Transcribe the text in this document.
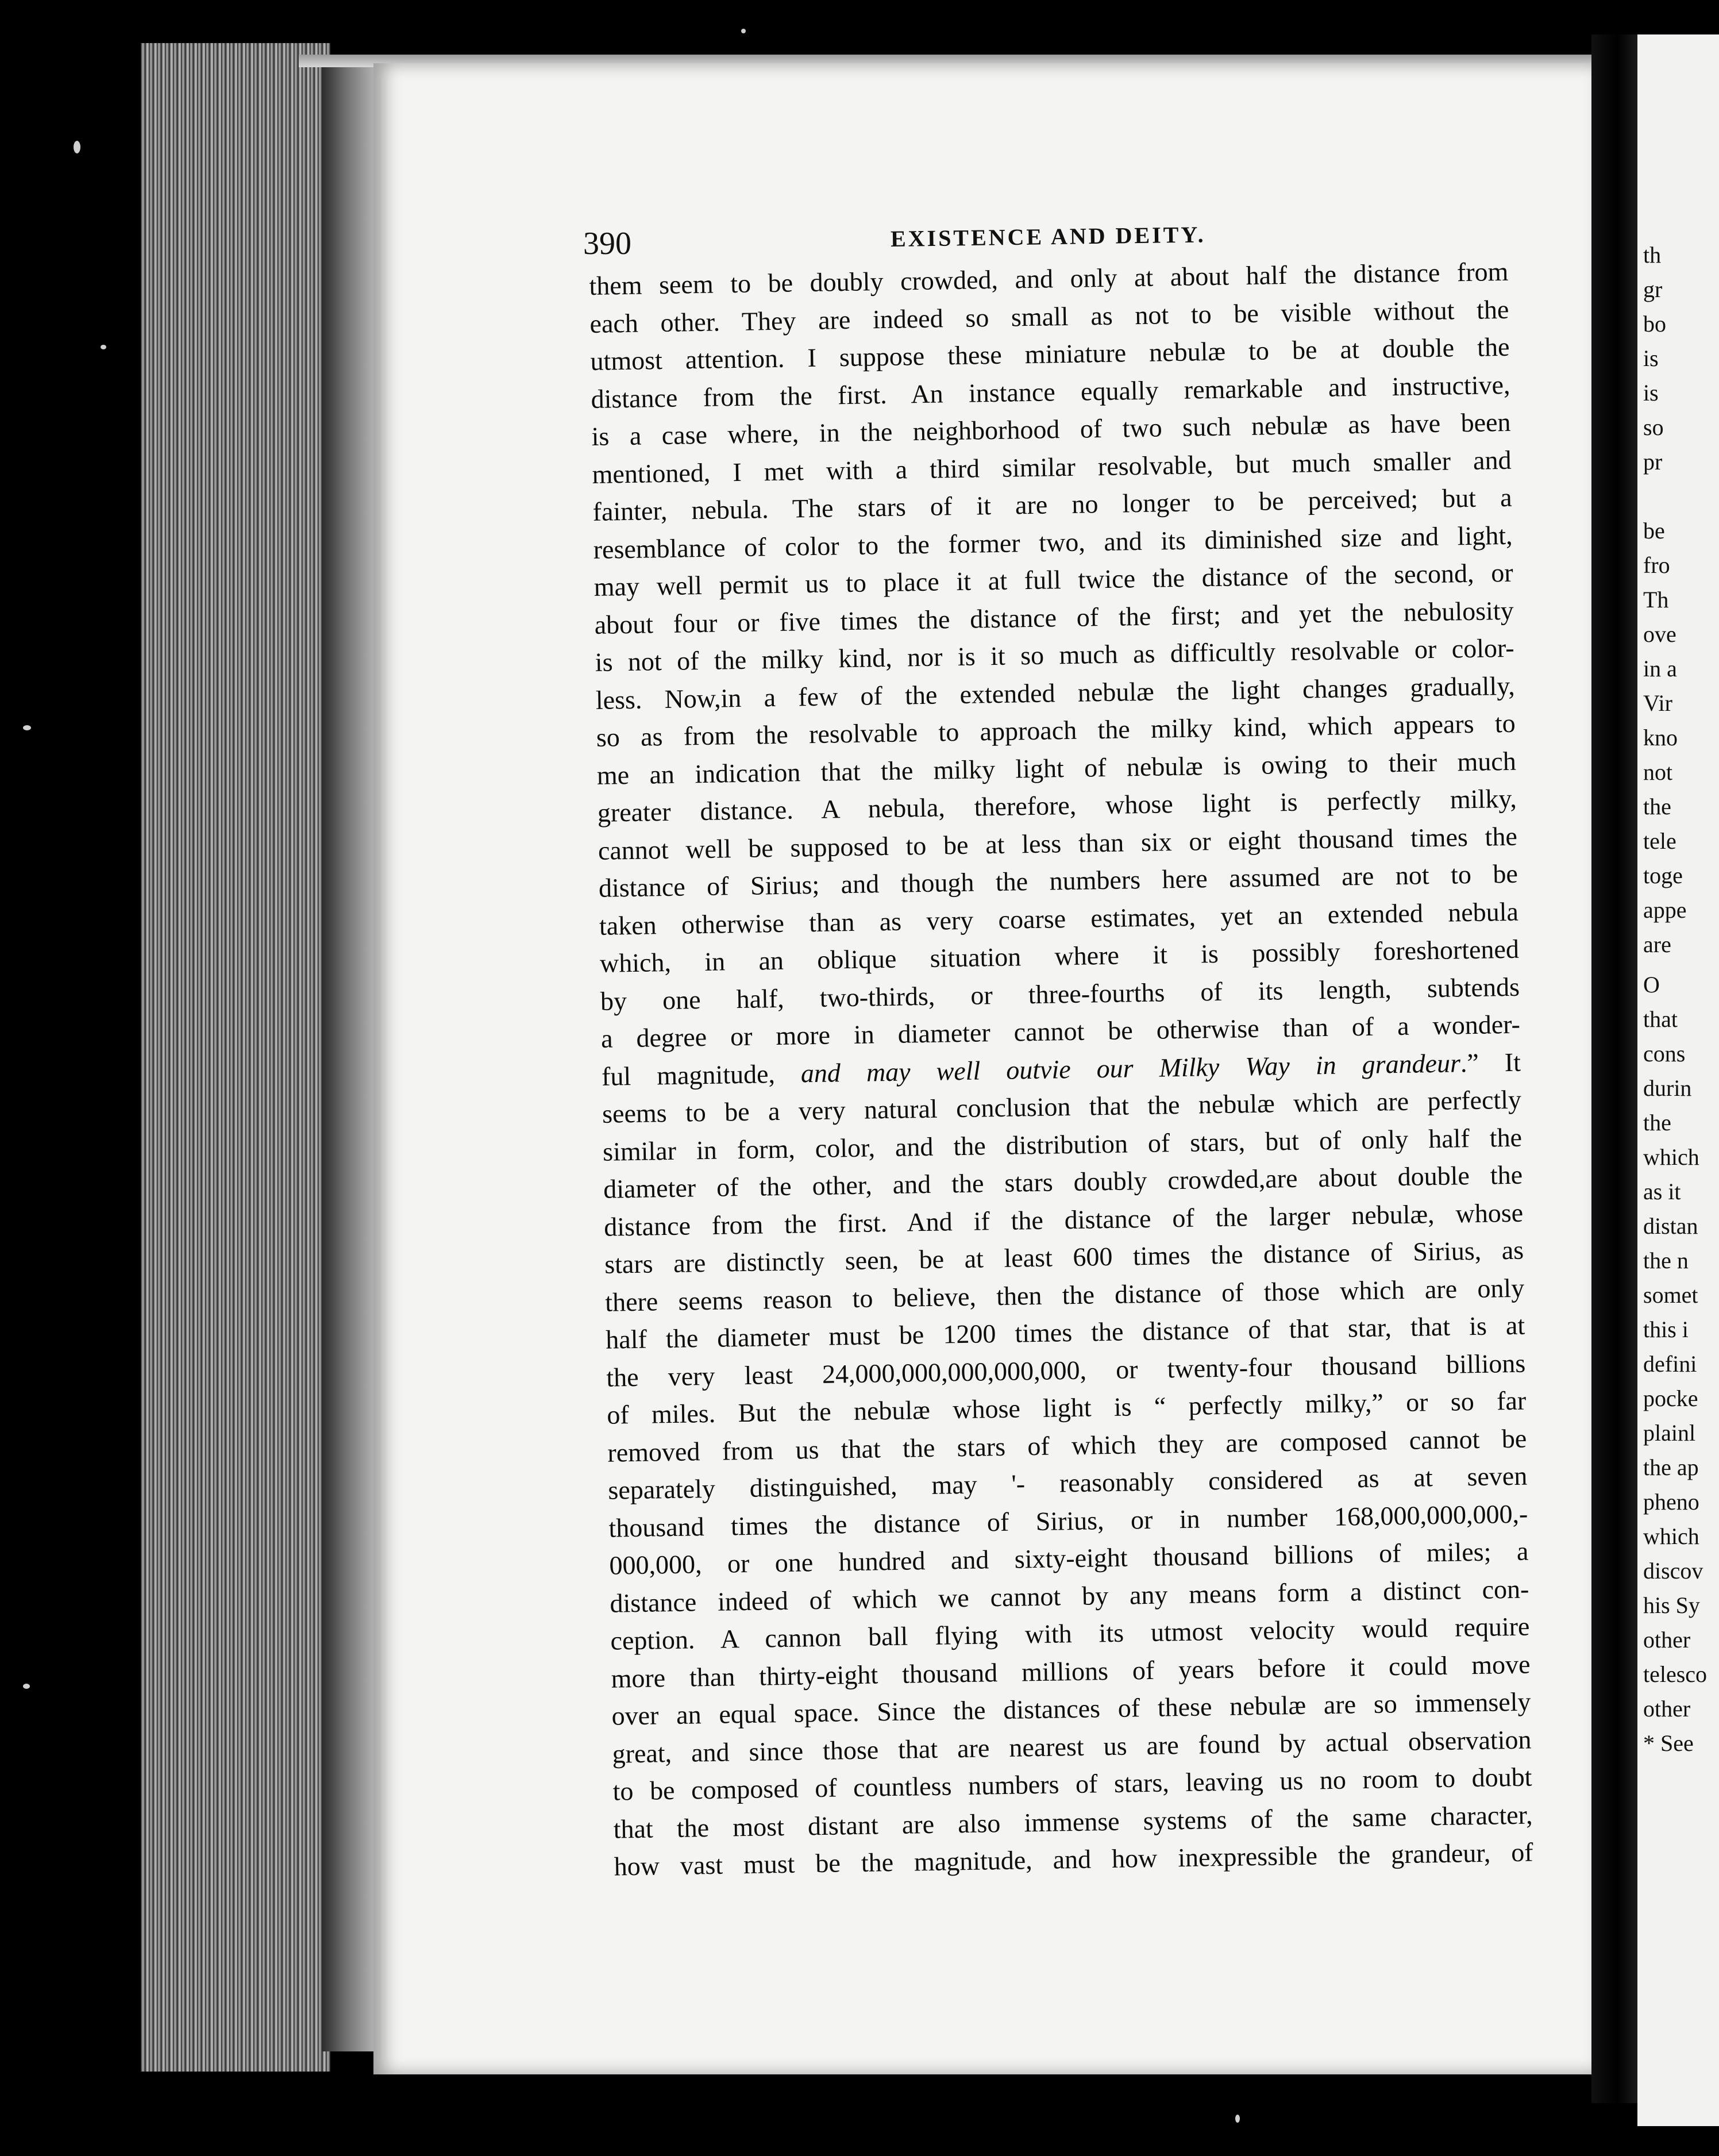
th
gr
bo
is
is
so
pr
be
fro
Th
ove
in a
Vir
kno
not
the
tele
toge
appe
are
O
that
cons
durin
the
which
as it
distan
the n
somet
this i
defini
pocke
plainl
the ap
pheno
which
discov
his Sy
other
telesco
other
* See
390	EXISTENCE AND DEITY.
them seem to be doubly crowded, and only at about half the distance from
each other. They are indeed so small as not to be visible without the
utmost attention. I suppose these miniature nebulæ to be at double the
distance from the first. An instance equally remarkable and instructive,
is a case where, in the neighborhood of two such nebulæ as have been
mentioned, I met with a third similar resolvable, but much smaller and
fainter, nebula. The stars of it are no longer to be perceived; but a
resemblance of color to the former two, and its diminished size and light,
may well permit us to place it at full twice the distance of the second, or
about four or five times the distance of the first; and yet the nebulosity
is not of the milky kind, nor is it so much as difficultly resolvable or color-
less. Now,in a few of the extended nebulæ the light changes gradually,
so as from the resolvable to approach the milky kind, which appears to
me an indication that the milky light of nebulæ is owing to their much
greater distance. A nebula, therefore, whose light is perfectly milky,
cannot well be supposed to be at less than six or eight thousand times the
distance of Sirius; and though the numbers here assumed are not to be
taken otherwise than as very coarse estimates, yet an extended nebula
which, in an oblique situation where it is possibly foreshortened
by one half, two-thirds, or three-fourths of its length, subtends
a degree or more in diameter cannot be otherwise than of a wonder-
ful magnitude, and may well outvie our Milky Way in grandeur.” It
seems to be a very natural conclusion that the nebulæ which are perfectly
similar in form, color, and the distribution of stars, but of only half the
diameter of the other, and the stars doubly crowded,are about double the
distance from the first. And if the distance of the larger nebulæ, whose
stars are distinctly seen, be at least 600 times the distance of Sirius, as
there seems reason to believe, then the distance of those which are only
half the diameter must be 1200 times the distance of that star, that is at
the very least 24,000,000,000,000,000, or twenty-four thousand billions
of miles. But the nebulæ whose light is “ perfectly milky,” or so far
removed from us that the stars of which they are composed cannot be
separately distinguished, may '- reasonably considered as at seven
thousand times the distance of Sirius, or in number 168,000,000,000,-
000,000, or one hundred and sixty-eight thousand billions of miles; a
distance indeed of which we cannot by any means form a distinct con-
ception. A cannon ball flying with its utmost velocity would require
more than thirty-eight thousand millions of years before it could move
over an equal space. Since the distances of these nebulæ are so immensely
great, and since those that are nearest us are found by actual observation
to be composed of countless numbers of stars, leaving us no room to doubt
that the most distant are also immense systems of the same character,
how vast must be the magnitude, and how inexpressible the grandeur, of
